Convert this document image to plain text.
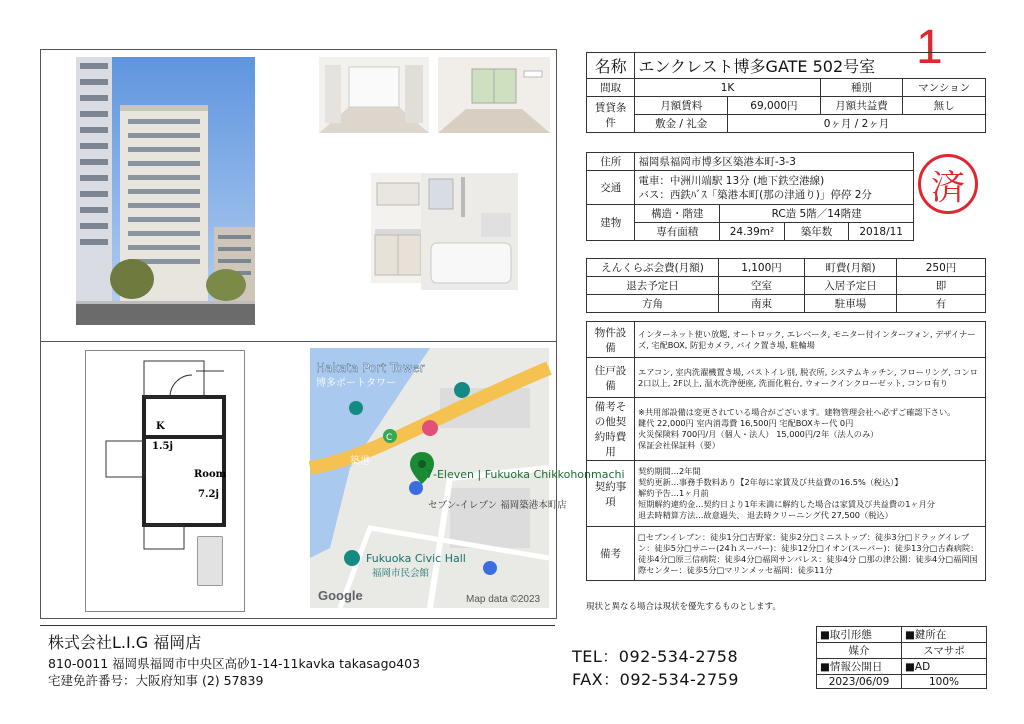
K
1.5j
Room
7.2j
Hakata Port Tower
博多ポートタワー
築港
C
7-Eleven | Fukuoka Chikkohonmachi
セブン-イレブン 福岡築港本町店
Fukuoka Civic Hall
福岡市民会館
Google	Map data ©2023
1
名称	エンクレスト博多GATE 502号室			
間取	1K		種別	マンション
賃貸条件	月額賃料	69,000円	月額共益費	無し
	敷金 / 礼金	0ヶ月 / 2ヶ月		
住所	福岡県福岡市博多区築港本町-3-3			
交通	電車：中洲川端駅 13分 (地下鉄空港線)
バス：西鉄ﾊﾞｽ「築港本町(那の津通り)」停停 2分			

建物	構造・階建	RC造 5階／14階建		
	専有面積	24.39m²	築年数	2018/11
済
えんくらぶ会費(月額)	1,100円	町費(月額)	250円
退去予定日	空室	入居予定日	即
方角	南東	駐車場	有
物件設備	インターネット使い放題, オートロック, エレベータ, モニター付インターフォン, デザイナーズ, 宅配BOX, 防犯カメラ, バイク置き場, 駐輪場
住戸設備	エアコン, 室内洗濯機置き場, バストイレ別, 脱衣所, システムキッチン, フローリング, コンロ2口以上, 2F以上, 温水洗浄便座, 洗面化粧台, ウォークインクローゼット, コンロ有り
備考その他契約時費用	※共用部設備は変更されている場合がございます。建物管理会社へ必ずご確認下さい。
鍵代 22,000円 室内消毒費 16,500円 宅配BOXキー代 0円
火災保険料 700円/月（個人・法人） 15,000円/2年（法人のみ）
保証会社保証料（要）

契約事項	契約期間…2年間
契約更新…事務手数料あり【2年毎に家賃及び共益費の16.5%（税込）】
解約予告…1ヶ月前
短期解約違約金…契約日より1年未満に解約した場合は家賃及び共益費の1ヶ月分
退去時精算方法…故意過失、 退去時クリーニング代 27,500（税込）

備考	□セブンイレブン：徒歩1分□吉野家：徒歩2分□ミニストップ：徒歩3分□ドラッグイレブン：徒歩5分□サニー(24ｈスーパー)：徒歩12分□イオン(スーパー)：徒歩13分□古森病院：徒歩4分□原三信病院：徒歩4分□福岡サンパレス：徒歩4分 □那の津公園：徒歩4分□福岡国際センター：徒歩5分□マリンメッセ福岡：徒歩11分
現状と異なる場合は現状を優先するものとします。
株式会社L.I.G 福岡店
810-0011 福岡県福岡市中央区高砂1-14-11kavka takasago403
宅建免許番号：大阪府知事 (2) 57839
TEL：092-534-2758
FAX：092-534-2759
■取引形態	■鍵所在
媒介	スマサポ
■情報公開日	■AD
2023/06/09	100%
